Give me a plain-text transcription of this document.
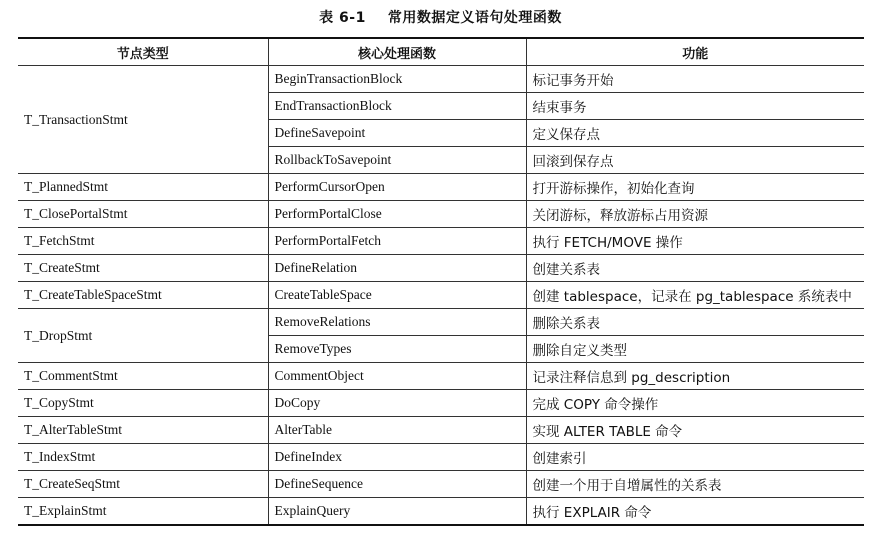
表 6-1 常用数据定义语句处理函数
节点类型	核心处理函数	功能
T_TransactionStmt	BeginTransactionBlock	标记事务开始
	EndTransactionBlock	结束事务
	DefineSavepoint	定义保存点
	RollbackToSavepoint	回滚到保存点
T_PlannedStmt	PerformCursorOpen	打开游标操作，初始化查询
T_ClosePortalStmt	PerformPortalClose	关闭游标，释放游标占用资源
T_FetchStmt	PerformPortalFetch	执行 FETCH/MOVE 操作
T_CreateStmt	DefineRelation	创建关系表
T_CreateTableSpaceStmt	CreateTableSpace	创建 tablespace，记录在 pg_tablespace 系统表中
T_DropStmt	RemoveRelations	删除关系表
	RemoveTypes	删除自定义类型
T_CommentStmt	CommentObject	记录注释信息到 pg_description
T_CopyStmt	DoCopy	完成 COPY 命令操作
T_AlterTableStmt	AlterTable	实现 ALTER TABLE 命令
T_IndexStmt	DefineIndex	创建索引
T_CreateSeqStmt	DefineSequence	创建一个用于自增属性的关系表
T_ExplainStmt	ExplainQuery	执行 EXPLAIR 命令
